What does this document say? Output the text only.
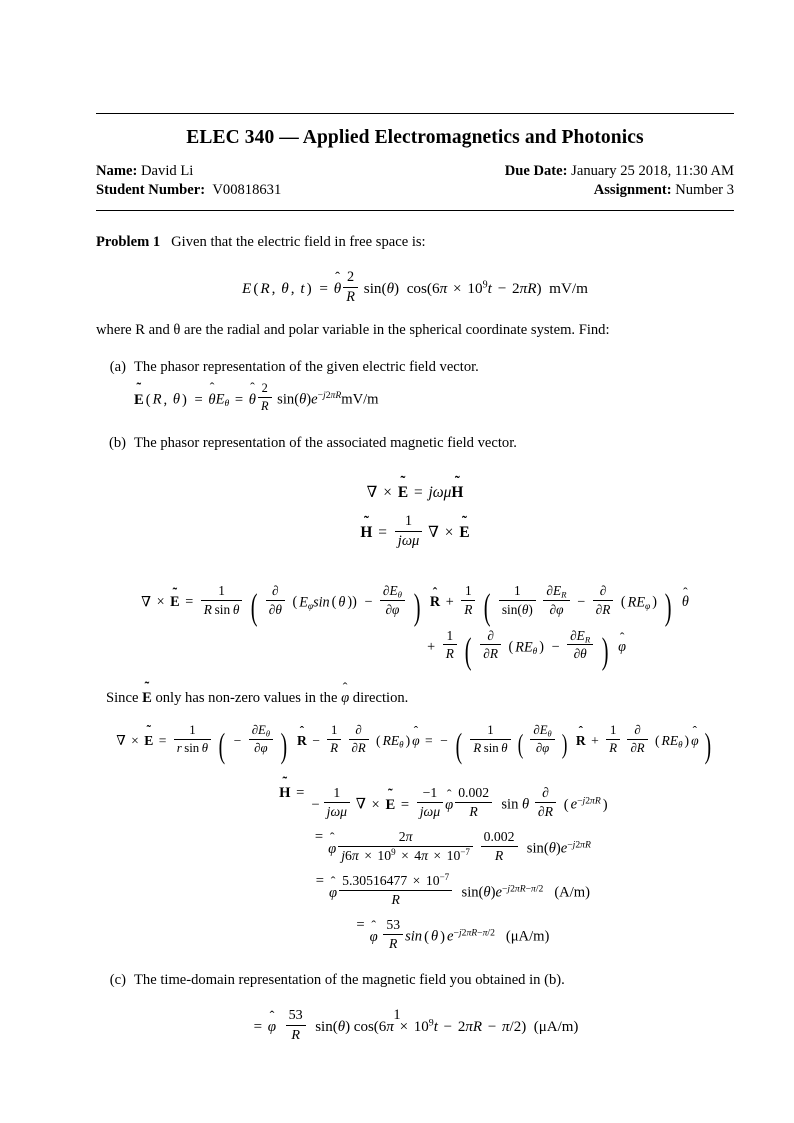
ELEC 340 — Applied Electromagnetics and Photonics
Name: David Li	Due Date: January 25 2018, 11:30 AM
Student Number: V00818631	Assignment: Number 3
Problem 1 Given that the electric field in free space is:
E ( R , θ , t ) = ˆ θ $\frac{2}{R} \sin(\theta) \cos(6\pi \times 10^9t - 2\pi R)$ mV/m
where R and θ are the radial and polar variable in the spherical coordinate system. Find:
(a) The phasor representation of the given electric field vector.
˜ E ( R , θ ) = ˆ $\theta E_\theta$ = ˆ θ $\frac{2}{R} \sin(\theta)e^{-j2\pi R}mV/m$
(b) The phasor representation of the associated magnetic field vector.
∇ × ˜ E = jωμ˜ H
˜ $H = \frac{1}{\text{jωμ}}$ ∇ × ˜ E
∇ × ˜ $E = \frac{1}{\text{R  sin  θ}}$ ( $\frac{\partial}{\partial\theta}$ ( $E_\varphi\sin$ ( θ )) − $\frac{\partial E_\theta}{\partial\varphi}$ ) ˆ $R + \frac{1}{R}$ ( $\frac{1}{\sin(\theta)}$
$\frac{\partial E_R}{\partial\varphi} - \frac{\partial}{\partial R}$ ( $RE_\varphi$ ) ) ˆ θ
+ $\frac{1}{R}$ ( $\frac{\partial}{\partial R}$ ( $RE_\theta$ ) − $\frac{\partial E_R}{\partial\theta}$ ) ˆ φ
Since ˜ E only has non-zero values in the ˆ φ direction.
∇ × ˜ $E = \frac{1}{\text{r  sin  θ}}$ ( − $\frac{\partial E_\theta}{\partial\varphi}$ ) ˆ $R - \frac{1}{R}$
$\frac{\partial}{\partial R}$ ( $RE_\theta$ ) ˆ φ = − ( $\frac{1}{\text{R  sin  θ}}$ ( $\frac{\partial E_\theta}{\partial\varphi}$ ) ˆ $R + \frac{1}{R}$
$\frac{\partial}{\partial R}$ ( $RE_\theta$ ) ˆ φ )
˜ H =
− $\frac{1}{\text{jωμ}}$ ∇ × ˜ $E = \frac{-1}{\text{jωμ}}$ ˆ φ $\frac{0.002}{R}$ sin θ $\frac{\partial}{\partial R}$ ( $e^{-j2\pi R}$ )
=
ˆ φ $\frac{2\pi}{j6\pi \times 10^9 \times 4\pi \times 10^{-7}}$
$\frac{0.002}{R} \sin(\theta)e^{-j2\pi R}$
=
ˆ φ $\frac{5.30516477 \times 10^{-7}}{R} \sin(\theta)e^{-j2\pi R-\pi/2}$ (A/m)
=
ˆ φ $\frac{53}{R}$ sin ( θ ) $e^{-j2\pi R-\pi/2}$ (μA/m)
(c) The time-domain representation of the magnetic field you obtained in (b).
= ˆ φ $\frac{53}{R} \sin(\theta) \cos(6\pi \times 10^9t - 2\pi R - \pi/2)$ (μA/m)
1
